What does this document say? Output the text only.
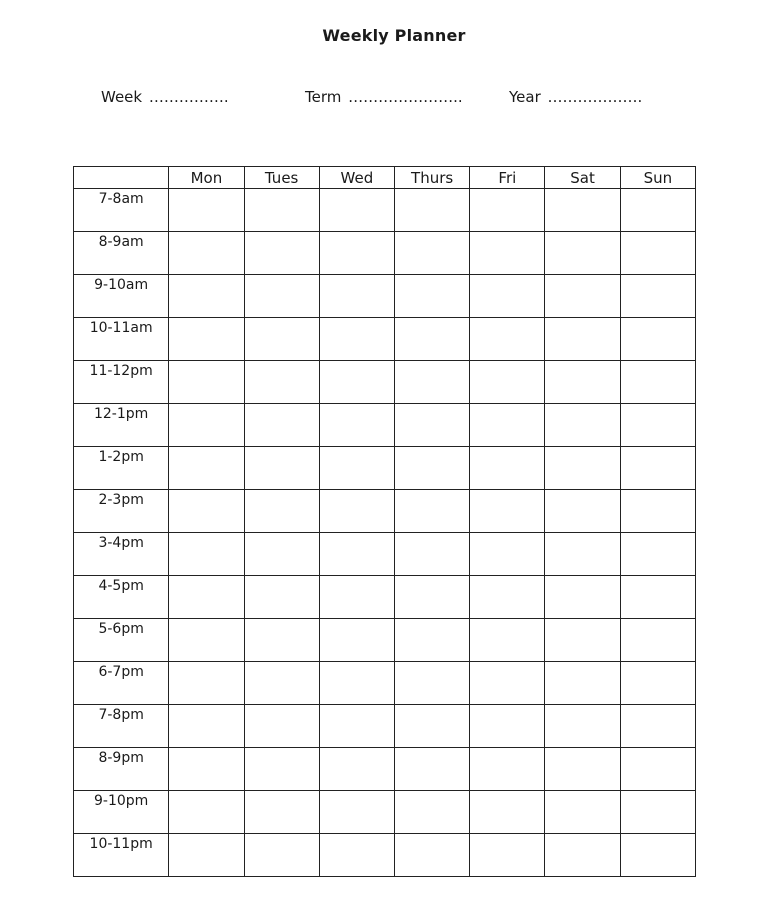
Weekly Planner
Week …………….	Term …………………..	Year ……………….
	Mon	Tues	Wed	Thurs	Fri	Sat	Sun
7-8am							
8-9am							
9-10am							
10-11am							
11-12pm							
12-1pm							
1-2pm							
2-3pm							
3-4pm							
4-5pm							
5-6pm							
6-7pm							
7-8pm							
8-9pm							
9-10pm							
10-11pm							
